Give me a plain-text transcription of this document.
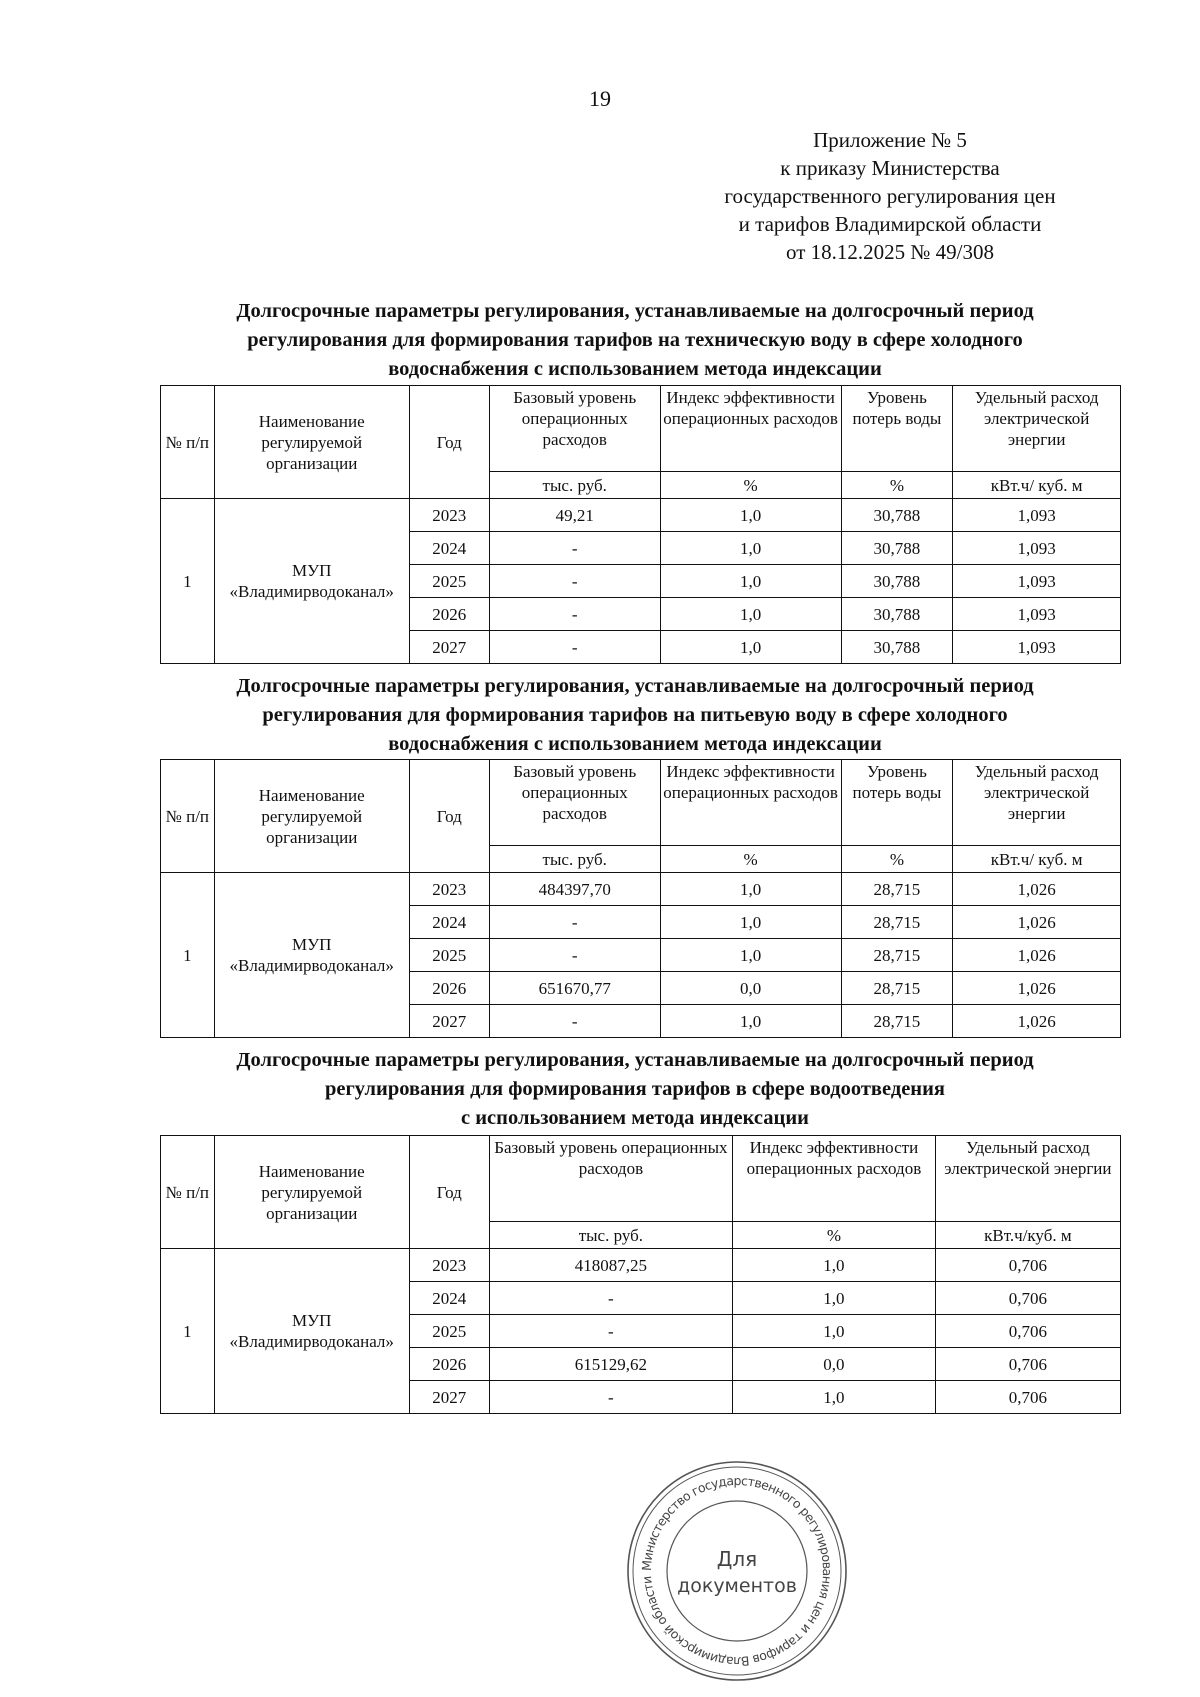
19
Приложение № 5
к приказу Министерства
государственного регулирования цен
и тарифов Владимирской области
от 18.12.2025 № 49/308
Долгосрочные параметры регулирования, устанавливаемые на долгосрочный период
регулирования для формирования тарифов на техническую воду в сфере холодного
водоснабжения с использованием метода индексации
№ п/п	Наименование регулируемой организации	Год	Базовый уровень операционных расходов	Индекс эффективности операционных расходов	Уровень потерь воды	Удельный расход электрической энергии
			тыс. руб.	%	%	кВт.ч/ куб. м
1	МУП «Владимирводоканал»	2023	49,21	1,0	30,788	1,093
		2024	-	1,0	30,788	1,093
		2025	-	1,0	30,788	1,093
		2026	-	1,0	30,788	1,093
		2027	-	1,0	30,788	1,093
Долгосрочные параметры регулирования, устанавливаемые на долгосрочный период
регулирования для формирования тарифов на питьевую воду в сфере холодного
водоснабжения с использованием метода индексации
№ п/п	Наименование регулируемой организации	Год	Базовый уровень операционных расходов	Индекс эффективности операционных расходов	Уровень потерь воды	Удельный расход электрической энергии
			тыс. руб.	%	%	кВт.ч/ куб. м
1	МУП «Владимирводоканал»	2023	484397,70	1,0	28,715	1,026
		2024	-	1,0	28,715	1,026
		2025	-	1,0	28,715	1,026
		2026	651670,77	0,0	28,715	1,026
		2027	-	1,0	28,715	1,026
Долгосрочные параметры регулирования, устанавливаемые на долгосрочный период
регулирования для формирования тарифов в сфере водоотведения
с использованием метода индексации
№ п/п	Наименование регулируемой организации	Год	Базовый уровень операционных расходов	Индекс эффективности операционных расходов	Удельный расход электрической энергии
			тыс. руб.	%	кВт.ч/куб. м
1	МУП «Владимирводоканал»	2023	418087,25	1,0	0,706
		2024	-	1,0	0,706
		2025	-	1,0	0,706
		2026	615129,62	0,0	0,706
		2027	-	1,0	0,706
Министерство государственного регулирования цен и тарифов Владимирской области
Для
документов
